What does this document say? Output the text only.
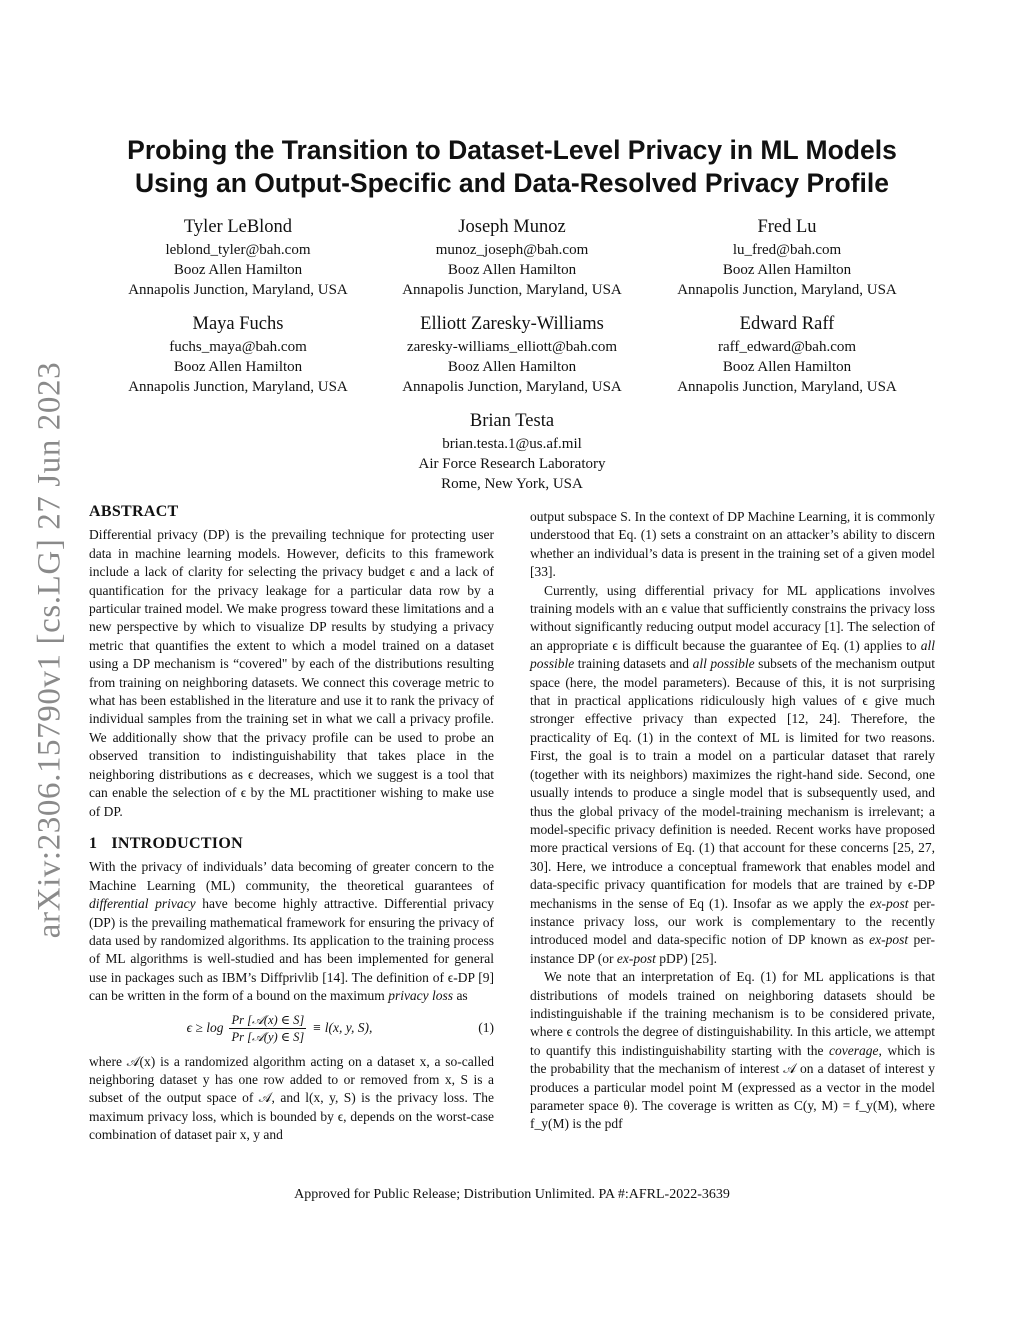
arXiv:2306.15790v1 [cs.LG] 27 Jun 2023
Probing the Transition to Dataset-Level Privacy in ML Models
Using an Output-Specific and Data-Resolved Privacy Profile
Tyler LeBlond
leblond_tyler@bah.com
Booz Allen Hamilton
Annapolis Junction, Maryland, USA
Joseph Munoz
munoz_joseph@bah.com
Booz Allen Hamilton
Annapolis Junction, Maryland, USA
Fred Lu
lu_fred@bah.com
Booz Allen Hamilton
Annapolis Junction, Maryland, USA
Maya Fuchs
fuchs_maya@bah.com
Booz Allen Hamilton
Annapolis Junction, Maryland, USA
Elliott Zaresky-Williams
zaresky-williams_elliott@bah.com
Booz Allen Hamilton
Annapolis Junction, Maryland, USA
Edward Raff
raff_edward@bah.com
Booz Allen Hamilton
Annapolis Junction, Maryland, USA
Brian Testa
brian.testa.1@us.af.mil
Air Force Research Laboratory
Rome, New York, USA
ABSTRACT

Differential privacy (DP) is the prevailing technique for protecting user data in machine learning models. However, deficits to this framework include a lack of clarity for selecting the privacy budget ϵ and a lack of quantification for the privacy leakage for a particular data row by a particular trained model. We make progress toward these limitations and a new perspective by which to visualize DP results by studying a privacy metric that quantifies the extent to which a model trained on a dataset using a DP mechanism is “covered" by each of the distributions resulting from training on neighboring datasets. We connect this coverage metric to what has been established in the literature and use it to rank the privacy of individual samples from the training set in what we call a privacy profile. We additionally show that the privacy profile can be used to probe an observed transition to indistinguishability that takes place in the neighboring distributions as ϵ decreases, which we suggest is a tool that can enable the selection of ϵ by the ML practitioner wishing to make use of DP.

1 INTRODUCTION

With the privacy of individuals’ data becoming of greater concern to the Machine Learning (ML) community, the theoretical guarantees of differential privacy have become highly attractive. Differential privacy (DP) is the prevailing mathematical framework for ensuring the privacy of data used by randomized algorithms. Its application to the training process of ML algorithms is well-studied and has been implemented for general use in packages such as IBM’s Diffprivlib [14]. The definition of ϵ-DP [9] can be written in the form of a bound on the maximum privacy loss as

$\epsilon \ge \log \frac{\text{Pr [𝒜(x) ∈ S]}}{\text{Pr [𝒜(y) ∈ S]}} \equiv l(x$, y, S),	(1)

where 𝒜(x) is a randomized algorithm acting on a dataset x, a so-called neighboring dataset y has one row added to or removed from x, S is a subset of the output space of 𝒜, and l(x, y, S) is the privacy loss. The maximum privacy loss, which is bounded by ϵ, depends on the worst-case combination of dataset pair x, y and

output subspace S. In the context of DP Machine Learning, it is commonly understood that Eq. (1) sets a constraint on an attacker’s ability to discern whether an individual’s data is present in the training set of a given model [33].

Currently, using differential privacy for ML applications involves training models with an ϵ value that sufficiently constrains the privacy loss without significantly reducing output model accuracy [1]. The selection of an appropriate ϵ is difficult because the guarantee of Eq. (1) applies to all possible training datasets and all possible subsets of the mechanism output space (here, the model parameters). Because of this, it is not surprising that in practical applications ridiculously high values of ϵ give much stronger effective privacy than expected [12, 24]. Therefore, the practicality of Eq. (1) in the context of ML is limited for two reasons. First, the goal is to train a model on a particular dataset that rarely (together with its neighbors) maximizes the right-hand side. Second, one usually intends to produce a single model that is subsequently used, and thus the global privacy of the model-training mechanism is irrelevant; a model-specific privacy definition is needed. Recent works have proposed more practical versions of Eq. (1) that account for these concerns [25, 27, 30]. Here, we introduce a conceptual framework that enables model and data-specific privacy quantification for models that are trained by ϵ-DP mechanisms in the sense of Eq (1). Insofar as we apply the ex-post per-instance privacy loss, our work is complementary to the recently introduced model and data-specific notion of DP known as ex-post per-instance DP (or ex-post pDP) [25].

We note that an interpretation of Eq. (1) for ML applications is that distributions of models trained on neighboring datasets should be indistinguishable if the training mechanism is to be considered private, where ϵ controls the degree of distinguishability. In this article, we attempt to quantify this indistinguishability starting with the coverage, which is the probability that the mechanism of interest 𝒜 on a dataset of interest y produces a particular model point M (expressed as a vector in the model parameter space θ). The coverage is written as C(y, M) = f_y(M), where f_y(M) is the pdf

Approved for Public Release; Distribution Unlimited. PA #:AFRL-2022-3639
